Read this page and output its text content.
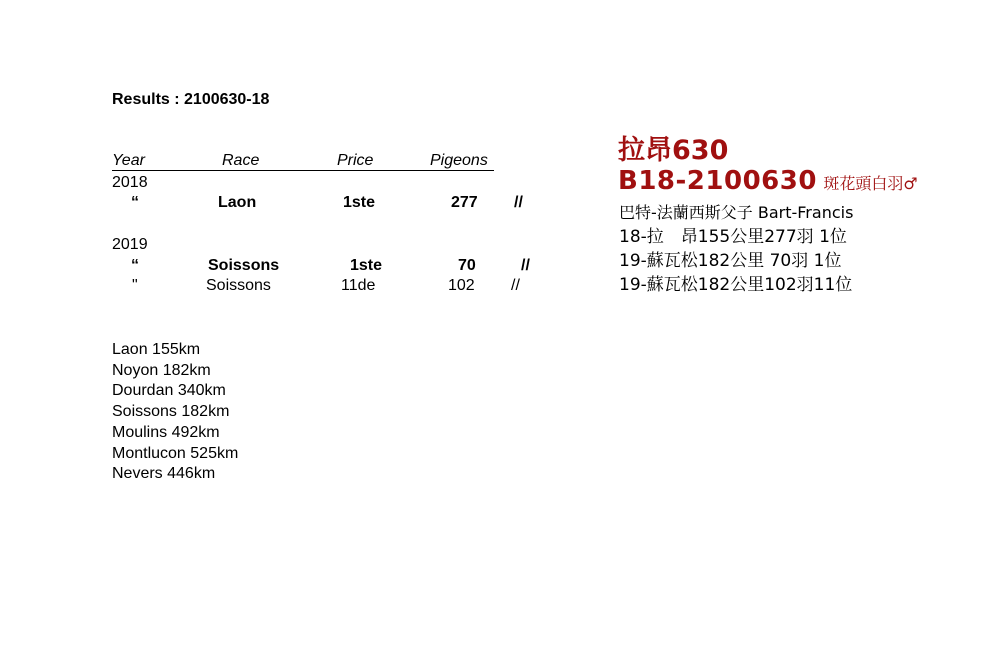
Results : 2100630-18
Year	Race	Price	Pigeons
2018
“	Laon	1ste	277 //
2019
“	Soissons	1ste	70	//
"	Soissons	11de	102 //
Laon 155km
Noyon 182km
Dourdan 340km
Soissons 182km
Moulins 492km
Montlucon 525km
Nevers 446km
拉昂630
B18-2100630 斑花頭白羽♂
巴特-法蘭西斯父子 Bart-Francis
18-拉　昂155公里277羽 1位
19-蘇瓦松182公里 70羽 1位
19-蘇瓦松182公里102羽11位
